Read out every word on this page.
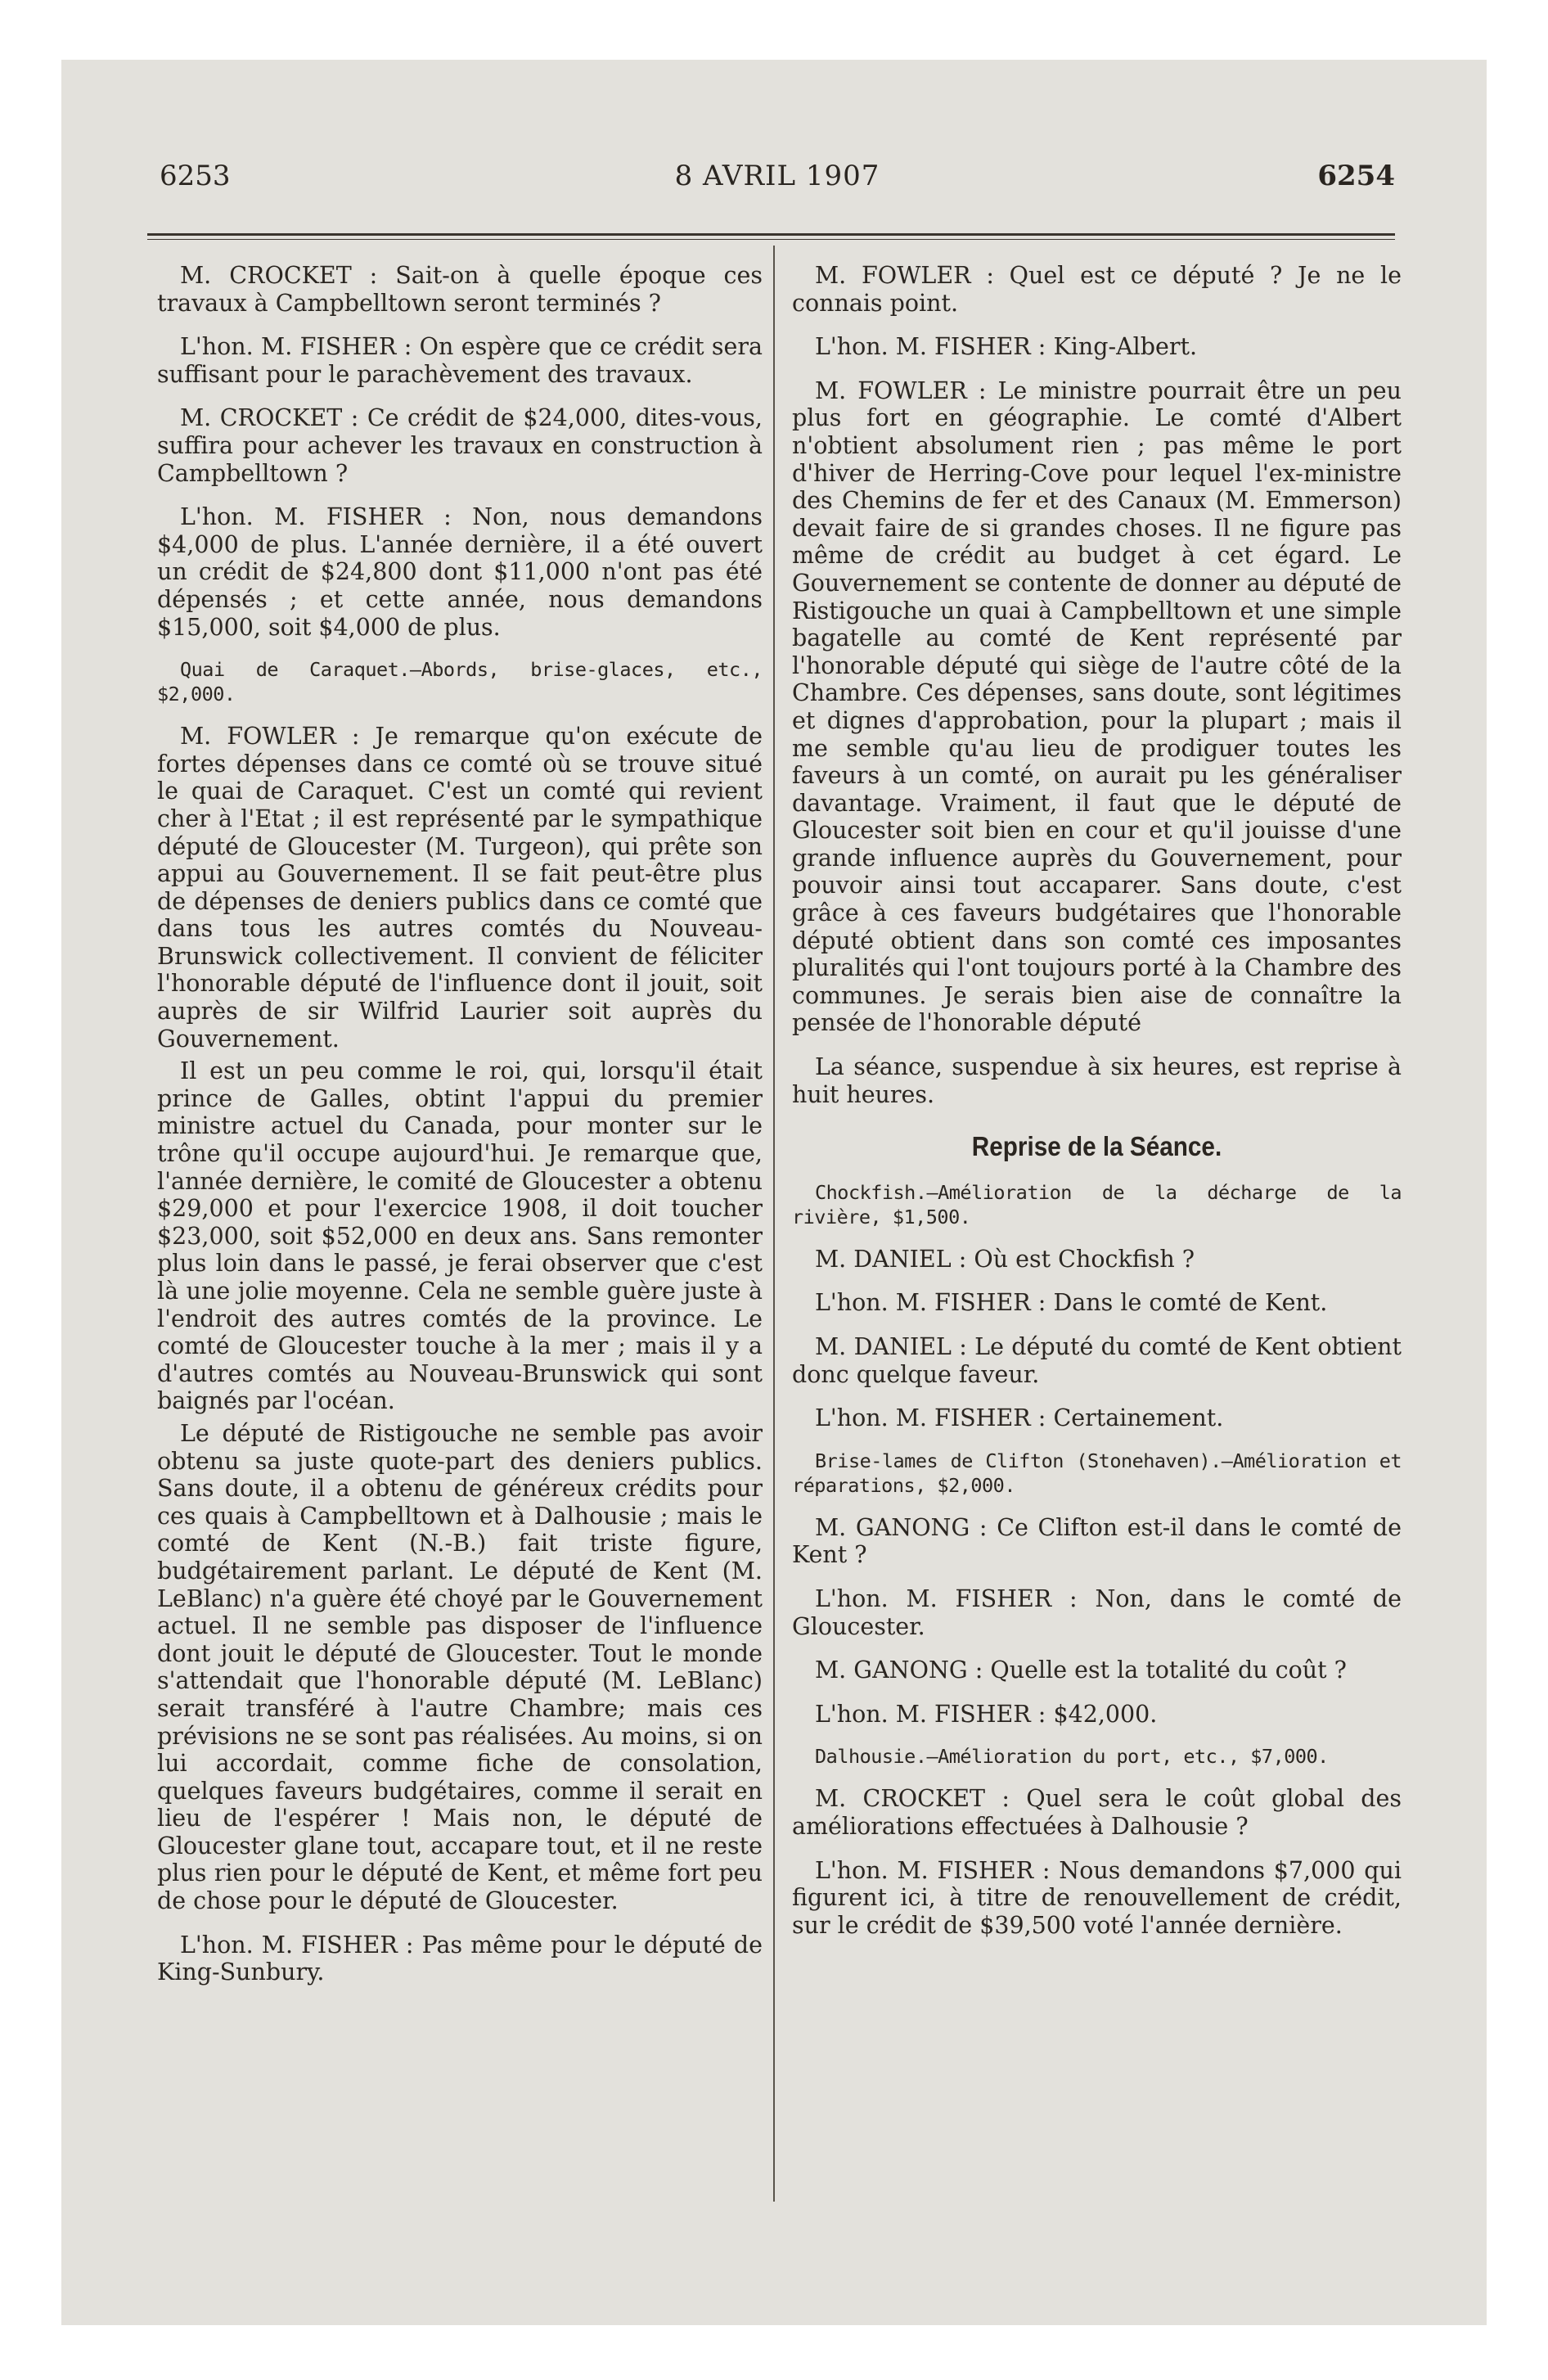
6253	8 AVRIL 1907	6254

M. CROCKET : Sait-on à quelle époque ces travaux à Campbelltown seront terminés ?

L'hon. M. FISHER : On espère que ce crédit sera suffisant pour le parachèvement des travaux.

M. CROCKET : Ce crédit de $24,000, dites-vous, suffira pour achever les travaux en construction à Campbelltown ?

L'hon. M. FISHER : Non, nous demandons $4,000 de plus. L'année dernière, il a été ouvert un crédit de $24,800 dont $11,000 n'ont pas été dépensés ; et cette année, nous demandons $15,000, soit $4,000 de plus.

Quai de Caraquet.—Abords, brise-glaces, etc., $2,000.

M. FOWLER : Je remarque qu'on exécute de fortes dépenses dans ce comté où se trouve situé le quai de Caraquet. C'est un comté qui revient cher à l'Etat ; il est représenté par le sympathique député de Gloucester (M. Turgeon), qui prête son appui au Gouvernement. Il se fait peut-être plus de dépenses de deniers publics dans ce comté que dans tous les autres comtés du Nouveau-Brunswick collectivement. Il convient de féliciter l'honorable député de l'influence dont il jouit, soit auprès de sir Wilfrid Laurier soit auprès du Gouvernement.

Il est un peu comme le roi, qui, lorsqu'il était prince de Galles, obtint l'appui du premier ministre actuel du Canada, pour monter sur le trône qu'il occupe aujourd'hui. Je remarque que, l'année dernière, le comité de Gloucester a obtenu $29,000 et pour l'exercice 1908, il doit toucher $23,000, soit $52,000 en deux ans. Sans remonter plus loin dans le passé, je ferai observer que c'est là une jolie moyenne. Cela ne semble guère juste à l'endroit des autres comtés de la province. Le comté de Gloucester touche à la mer ; mais il y a d'autres comtés au Nouveau-Brunswick qui sont baignés par l'océan.

Le député de Ristigouche ne semble pas avoir obtenu sa juste quote-part des deniers publics. Sans doute, il a obtenu de généreux crédits pour ces quais à Campbelltown et à Dalhousie ; mais le comté de Kent (N.-B.) fait triste figure, budgétairement parlant. Le député de Kent (M. LeBlanc) n'a guère été choyé par le Gouvernement actuel. Il ne semble pas disposer de l'influence dont jouit le député de Gloucester. Tout le monde s'attendait que l'honorable député (M. LeBlanc) serait transféré à l'autre Chambre; mais ces prévisions ne se sont pas réalisées. Au moins, si on lui accordait, comme fiche de consolation, quelques faveurs budgétaires, comme il serait en lieu de l'espérer ! Mais non, le député de Gloucester glane tout, accapare tout, et il ne reste plus rien pour le député de Kent, et même fort peu de chose pour le député de Gloucester.

L'hon. M. FISHER : Pas même pour le député de King-Sunbury.

M. FOWLER : Quel est ce député ? Je ne le connais point.

L'hon. M. FISHER : King-Albert.

M. FOWLER : Le ministre pourrait être un peu plus fort en géographie. Le comté d'Albert n'obtient absolument rien ; pas même le port d'hiver de Herring-Cove pour lequel l'ex-ministre des Chemins de fer et des Canaux (M. Emmerson) devait faire de si grandes choses. Il ne figure pas même de crédit au budget à cet égard. Le Gouvernement se contente de donner au député de Ristigouche un quai à Campbelltown et une simple bagatelle au comté de Kent représenté par l'honorable député qui siège de l'autre côté de la Chambre. Ces dépenses, sans doute, sont légitimes et dignes d'approbation, pour la plupart ; mais il me semble qu'au lieu de prodiguer toutes les faveurs à un comté, on aurait pu les généraliser davantage. Vraiment, il faut que le député de Gloucester soit bien en cour et qu'il jouisse d'une grande influence auprès du Gouvernement, pour pouvoir ainsi tout accaparer. Sans doute, c'est grâce à ces faveurs budgétaires que l'honorable député obtient dans son comté ces imposantes pluralités qui l'ont toujours porté à la Chambre des communes. Je serais bien aise de connaître la pensée de l'honorable député

La séance, suspendue à six heures, est reprise à huit heures.

Reprise de la Séance.

Chockfish.—Amélioration de la décharge de la rivière, $1,500.

M. DANIEL : Où est Chockfish ?

L'hon. M. FISHER : Dans le comté de Kent.

M. DANIEL : Le député du comté de Kent obtient donc quelque faveur.

L'hon. M. FISHER : Certainement.

Brise-lames de Clifton (Stonehaven).—Amélioration et réparations, $2,000.

M. GANONG : Ce Clifton est-il dans le comté de Kent ?

L'hon. M. FISHER : Non, dans le comté de Gloucester.

M. GANONG : Quelle est la totalité du coût ?

L'hon. M. FISHER : $42,000.

Dalhousie.—Amélioration du port, etc., $7,000.

M. CROCKET : Quel sera le coût global des améliorations effectuées à Dalhousie ?

L'hon. M. FISHER : Nous demandons $7,000 qui figurent ici, à titre de renouvellement de crédit, sur le crédit de $39,500 voté l'année dernière.
